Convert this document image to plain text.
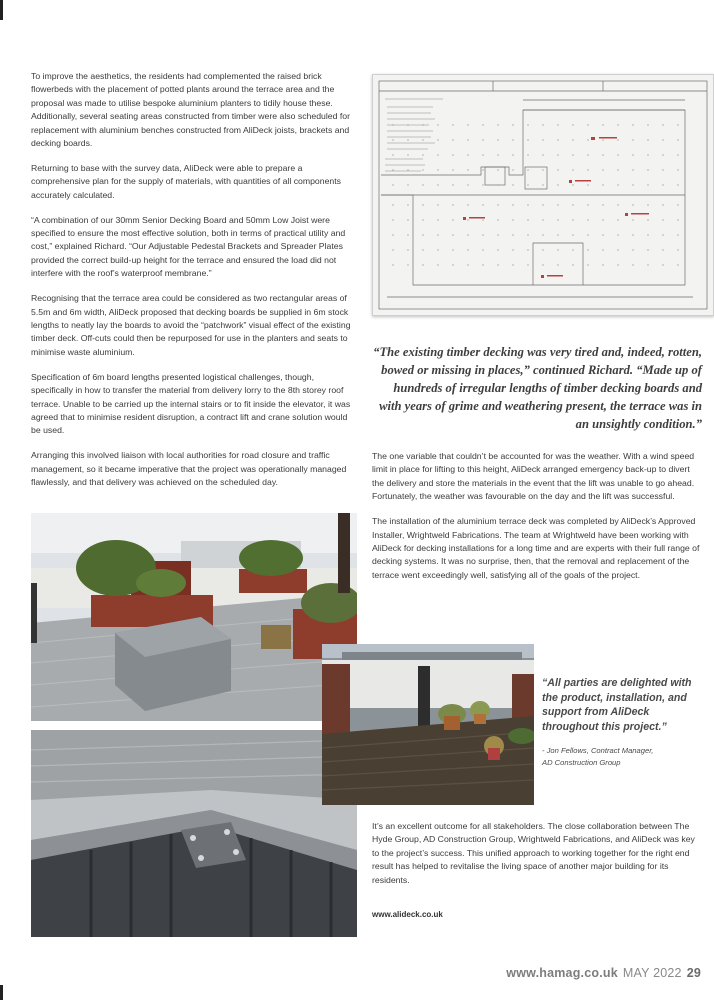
To improve the aesthetics, the residents had complemented the raised brick flowerbeds with the placement of potted plants around the terrace area and the proposal was made to utilise bespoke aluminium planters to tidily house these. Additionally, several seating areas constructed from timber were also scheduled for replacement with aluminium benches constructed from AliDeck joists, brackets and decking boards.

Returning to base with the survey data, AliDeck were able to prepare a comprehensive plan for the supply of materials, with quantities of all components accurately calculated.

“A combination of our 30mm Senior Decking Board and 50mm Low Joist were specified to ensure the most effective solution, both in terms of practical utility and cost,” explained Richard. “Our Adjustable Pedestal Brackets and Spreader Plates provided the correct build-up height for the terrace and ensured the load did not interfere with the roof’s waterproof membrane.”

Recognising that the terrace area could be considered as two rectangular areas of 5.5m and 6m width, AliDeck proposed that decking boards be supplied in 6m stock lengths to neatly lay the boards to avoid the “patchwork” visual effect of the existing timber deck. Off-cuts could then be repurposed for use in the planters and seats to minimise waste aluminium.

Specification of 6m board lengths presented logistical challenges, though, specifically in how to transfer the material from delivery lorry to the 8th storey roof terrace. Unable to be carried up the internal stairs or to fit inside the elevator, it was agreed that to minimise resident disruption, a contract lift and crane solution would be used.

Arranging this involved liaison with local authorities for road closure and traffic management, so it became imperative that the project was operationally managed flawlessly, and that delivery was achieved on the scheduled day.

“The existing timber decking was very tired and, indeed, rotten, bowed or missing in places,” continued Richard. “Made up of hundreds of irregular lengths of timber decking boards and with years of grime and weathering present, the terrace was in an unsightly condition.”

The one variable that couldn’t be accounted for was the weather. With a wind speed limit in place for lifting to this height, AliDeck arranged emergency back-up to divert the delivery and store the materials in the event that the lift was unable to go ahead. Fortunately, the weather was favourable on the day and the lift was successful.

The installation of the aluminium terrace deck was completed by AliDeck’s Approved Installer, Wrightweld Fabrications. The team at Wrightweld have been working with AliDeck for decking installations for a long time and are experts with their full range of decking systems. It was no surprise, then, that the removal and replacement of the terrace went exceedingly well, satisfying all of the goals of the project.

“All parties are delighted with the product, installation, and support from AliDeck throughout this project.”

- Jon Fellows, Contract Manager,
AD Construction Group

It’s an excellent outcome for all stakeholders. The close collaboration between The Hyde Group, AD Construction Group, Wrightweld Fabrications, and AliDeck was key to the project’s success. This unified approach to working together for the right end result has helped to revitalise the living space of another major building for its residents.

www.alideck.co.uk
www.hamag.co.uk MAY 2022 29
